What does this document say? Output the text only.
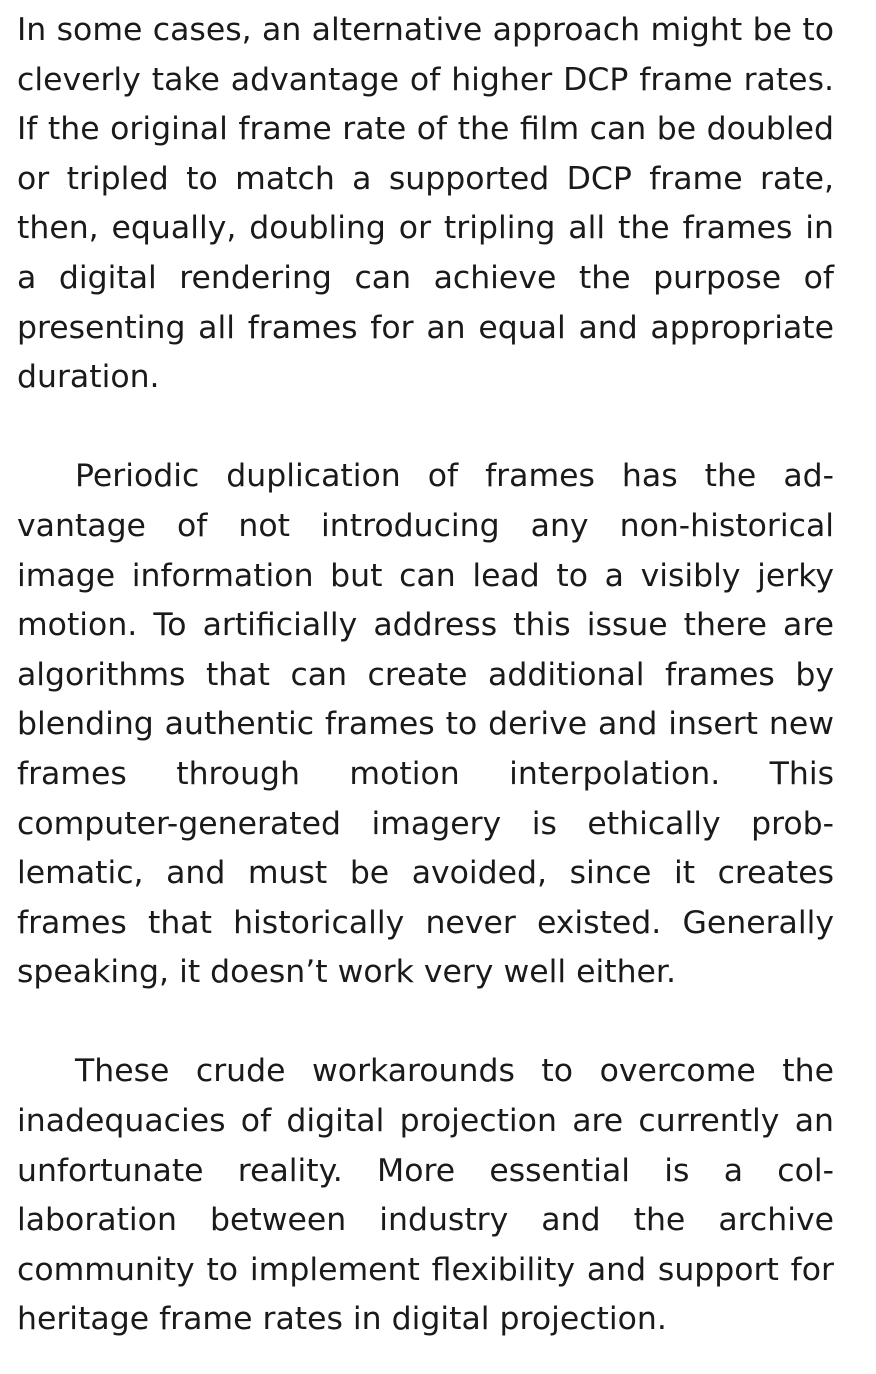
In some cases, an alternative approach might be to cleverly take advantage of higher DCP frame rates. If the original frame rate of the film can be doubled or tripled to match a supported DCP frame rate, then, equally, doubling or tripling all the frames in a digital rendering can achieve the purpose of presenting all frames for an equal and appropriate duration.

Periodic duplication of frames has the advantage of not introducing any non-historical image information but can lead to a visibly jerky motion. To artificially address this issue there are algorithms that can create additional frames by blending authentic frames to derive and insert new frames through motion interpolation. This computer-generated imagery is ethically problematic, and must be avoided, since it creates frames that historically never existed. Generally speaking, it doesn’t work very well either.

These crude workarounds to overcome the inadequacies of digital projection are currently an unfortunate reality. More essential is a collaboration between industry and the archive community to implement flexibility and support for heritage frame rates in digital projection.
